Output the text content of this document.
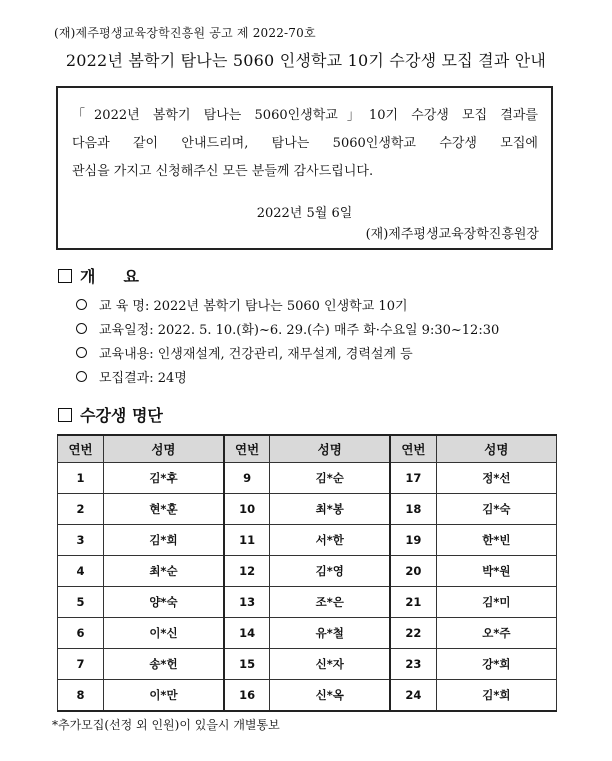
(재)제주평생교육장학진흥원 공고 제 2022-70호
2022년 봄학기 탐나는 5060 인생학교 10기 수강생 모집 결과 안내
「2022년 봄학기 탐나는 5060인생학교」10기 수강생 모집 결과를
다음과 같이 안내드리며, 탐나는 5060인생학교 수강생 모집에
관심을 가지고 신청해주신 모든 분들께 감사드립니다.
2022년 5월 6일
(재)제주평생교육장학진흥원장
개요
교 육 명: 2022년 봄학기 탐나는 5060 인생학교 10기
교육일정: 2022. 5. 10.(화)~6. 29.(수) 매주 화·수요일 9:30~12:30
교육내용: 인생재설계, 건강관리, 재무설계, 경력설계 등
모집결과: 24명
수강생 명단
연번	성명	연번	성명	연번	성명
1	김*후	9	김*순	17	정*선
2	현*훈	10	최*봉	18	김*숙
3	김*희	11	서*한	19	한*빈
4	최*순	12	김*영	20	박*원
5	양*숙	13	조*은	21	김*미
6	이*신	14	유*철	22	오*주
7	송*헌	15	신*자	23	강*희
8	이*만	16	신*옥	24	김*희
*추가모집(선정 외 인원)이 있을시 개별통보
